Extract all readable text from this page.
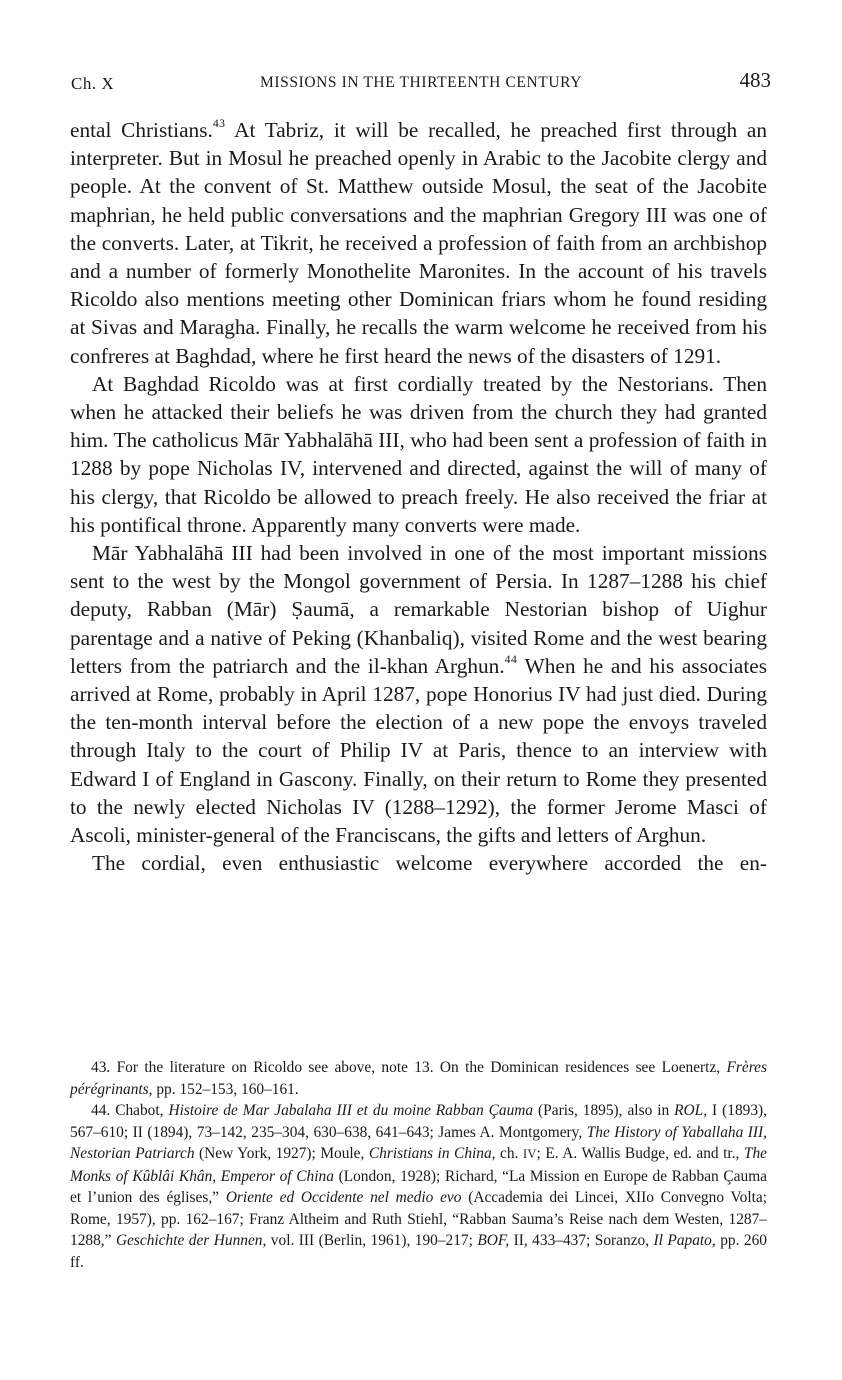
Ch. X	MISSIONS IN THE THIRTEENTH CENTURY	483

ental Christians.$^{43}$ At Tabriz, it will be recalled, he preached first through an interpreter. But in Mosul he preached openly in Arabic to the Jacobite clergy and people. At the convent of St. Matthew outside Mosul, the seat of the Jacobite maphrian, he held public conversations and the maphrian Gregory III was one of the converts. Later, at Tikrit, he received a profession of faith from an archbishop and a number of formerly Monothelite Maronites. In the account of his travels Ricoldo also mentions meeting other Dominican friars whom he found residing at Sivas and Maragha. Finally, he recalls the warm welcome he received from his confreres at Baghdad, where he first heard the news of the disasters of 1291.

At Baghdad Ricoldo was at first cordially treated by the Nestorians. Then when he attacked their beliefs he was driven from the church they had granted him. The catholicus Mār Yabhalāhā III, who had been sent a profession of faith in 1288 by pope Nicholas IV, intervened and directed, against the will of many of his clergy, that Ricoldo be allowed to preach freely. He also received the friar at his pontifical throne. Apparently many converts were made.

Mār Yabhalāhā III had been involved in one of the most important missions sent to the west by the Mongol government of Persia. In 1287–1288 his chief deputy, Rabban (Mār) Ṣaumā, a remarkable Nestorian bishop of Uighur parentage and a native of Peking (Khanbaliq), visited Rome and the west bearing letters from the patriarch and the il-khan Arghun.$^{44}$ When he and his associates arrived at Rome, probably in April 1287, pope Honorius IV had just died. During the ten-month interval before the election of a new pope the envoys traveled through Italy to the court of Philip IV at Paris, thence to an interview with Edward I of England in Gascony. Finally, on their return to Rome they presented to the newly elected Nicholas IV (1288–1292), the former Jerome Masci of Ascoli, minister-general of the Franciscans, the gifts and letters of Arghun.

The cordial, even enthusiastic welcome everywhere accorded the en-

43. For the literature on Ricoldo see above, note 13. On the Dominican residences see Loenertz, Frères pérégrinants, pp. 152–153, 160–161.

44. Chabot, Histoire de Mar Jabalaha III et du moine Rabban Çauma (Paris, 1895), also in ROL, I (1893), 567–610; II (1894), 73–142, 235–304, 630–638, 641–643; James A. Montgomery, The History of Yaballaha III, Nestorian Patriarch (New York, 1927); Moule, Christians in China, ch. IV; E. A. Wallis Budge, ed. and tr., The Monks of Kûblâi Khân, Emperor of China (London, 1928); Richard, “La Mission en Europe de Rabban Çauma et l’union des églises,” Oriente ed Occidente nel medio evo (Accademia dei Lincei, XIIo Convegno Volta; Rome, 1957), pp. 162–167; Franz Altheim and Ruth Stiehl, “Rabban Sauma’s Reise nach dem Westen, 1287–1288,” Geschichte der Hunnen, vol. III (Berlin, 1961), 190–217; BOF, II, 433–437; Soranzo, Il Papato, pp. 260 ff.
